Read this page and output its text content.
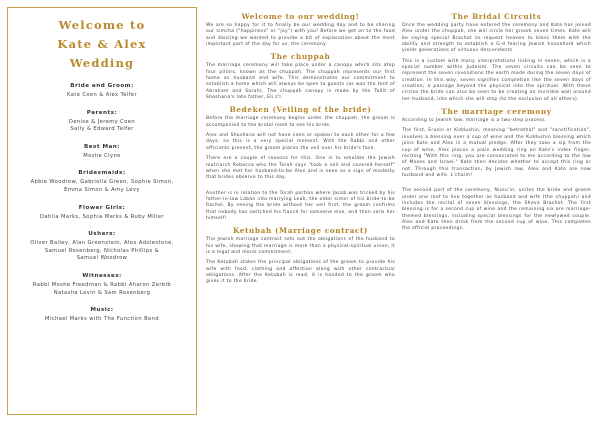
Welcome to
Kate & Alex
Wedding
Bride and Groom:
Kate Coen & Alex Telfer
Parents:
Denise & Jeremy Coen
Sally & Edward Telfer
Best Man:
Moshe Clyne
Bridesmaids:
Abbie Woodrow, Gabriella Green, Sophie Simon,
Emma Simon & Amy Levy
Flower Girls:
Dahlia Marks, Sophia Marks & Ruby Miller
Ushers:
Oliver Bailey, Alan Greenstein, Alex Adolestone,
Samuel Rosenberg, Nicholas Phillips &
Samuel Woodrow
Witnesses:
Rabbi Moshe Freedman & Rabbi Aharon Zerbib
Natasha Levin & Sam Rosenberg
Music:
Michael Marks with The Function Band
Welcome to our wedding!

We are so happy for it to finally be our wedding day and to be sharing our simcha ("happiness" or "joy") with you! Before we get on to the food and dancing we wanted to provide a bit of explanation about the most important part of the day for us, the ceremony.

The chuppah

The marriage ceremony will take place under a canopy which sits atop four pillars, known as the chuppah. The chuppah represents our first home as husband and wife. This demonstrates our commitment to establish a home which will always be open to guests (as was the tent of Abraham and Sarah). The chuppah canopy is made by the Tallit of Shoshana's late father, Eli z'l.

Bedeken (Veiling of the bride)

Before the marriage ceremony begins under the chuppah, the groom is accompanied to the bridal room to see his bride.

Alex and Shoshana will not have seen or spoken to each other for a few days, so this is a very special moment. With the Rabbi and other officiants present, the groom places the veil over his bride's face.

There are a couple of reasons for this. One is to emulate the Jewish matriarch Rebecca who the Torah says "took a veil and covered herself" when she met her husband-to-be Alex and is seen as a sign of modesty that brides observe to this day.

Another is in relation to the Torah portion where Jacob was tricked by his father-in-law Laban into marrying Leah, the older sister of his bride-to-be Rachel. By seeing the bride without her veil first, the groom confirms that nobody has switched his fiancé for someone else, and then veils her himself!

Ketubah (Marriage contract)

The Jewish marriage contract sets out the obligations of the husband to his wife, showing that marriage is more than a physical-spiritual union; it is a legal and moral commitment.

The Ketubah states the principal obligations of the groom to provide his wife with food, clothing and affection along with other contractual obligations. After the Ketubah is read, it is handed to the groom who gives it to the bride.

The Bridal Circuits

Once the wedding party have entered the ceremony and Kate has joined Alex under the chuppah, she will circle her groom seven times. Kate will be saying special Brachot to request heaven to bless them with the ability and strength to establish a G-d fearing Jewish household which yields generations of virtuous descendents.

This is a custom with many interpretations linking in seven, which is a special number within Judaism. The seven circuits can be seen to represent the seven revolutions the earth made during the seven days of creation. In this way, seven signifies completion like the seven days of creation; a passage beyond the physical into the spiritual. With these circles the bride can also be seen to be creating an invisible wall around her husband, into which she will step (to the exclusion of all others).

The marriage ceremony

According to Jewish law, marriage is a two-step process.

The first, Erusin or Kiddushin, meaning "betrothal" and "sanctification", involves a blessing over a cup of wine and the Kiddushin blessing which joins Kate and Alex in a mutual pledge. After they take a sip from the cup of wine, Alex places a plain wedding ring on Kate's index finger, reciting "With this ring, you are consecrated to me according to the law of Moses and Israel." Kate then decides whether to accept this ring or not. Through this transaction, by Jewish law, Alex and Kate are now husband and wife. L'chaim!

The second part of the ceremony, Nissu'in, unites the bride and groom under one roof to live together as husband and wife (the chuppah) and includes the recital of seven blessings, the Sheva Brachot. The first blessing is for a second cup of wine and the remaining six are marriage-themed blessings, including special blessings for the newlywed couple. Alex and Kate then drink from the second cup of wine. This completes the official proceedings.
